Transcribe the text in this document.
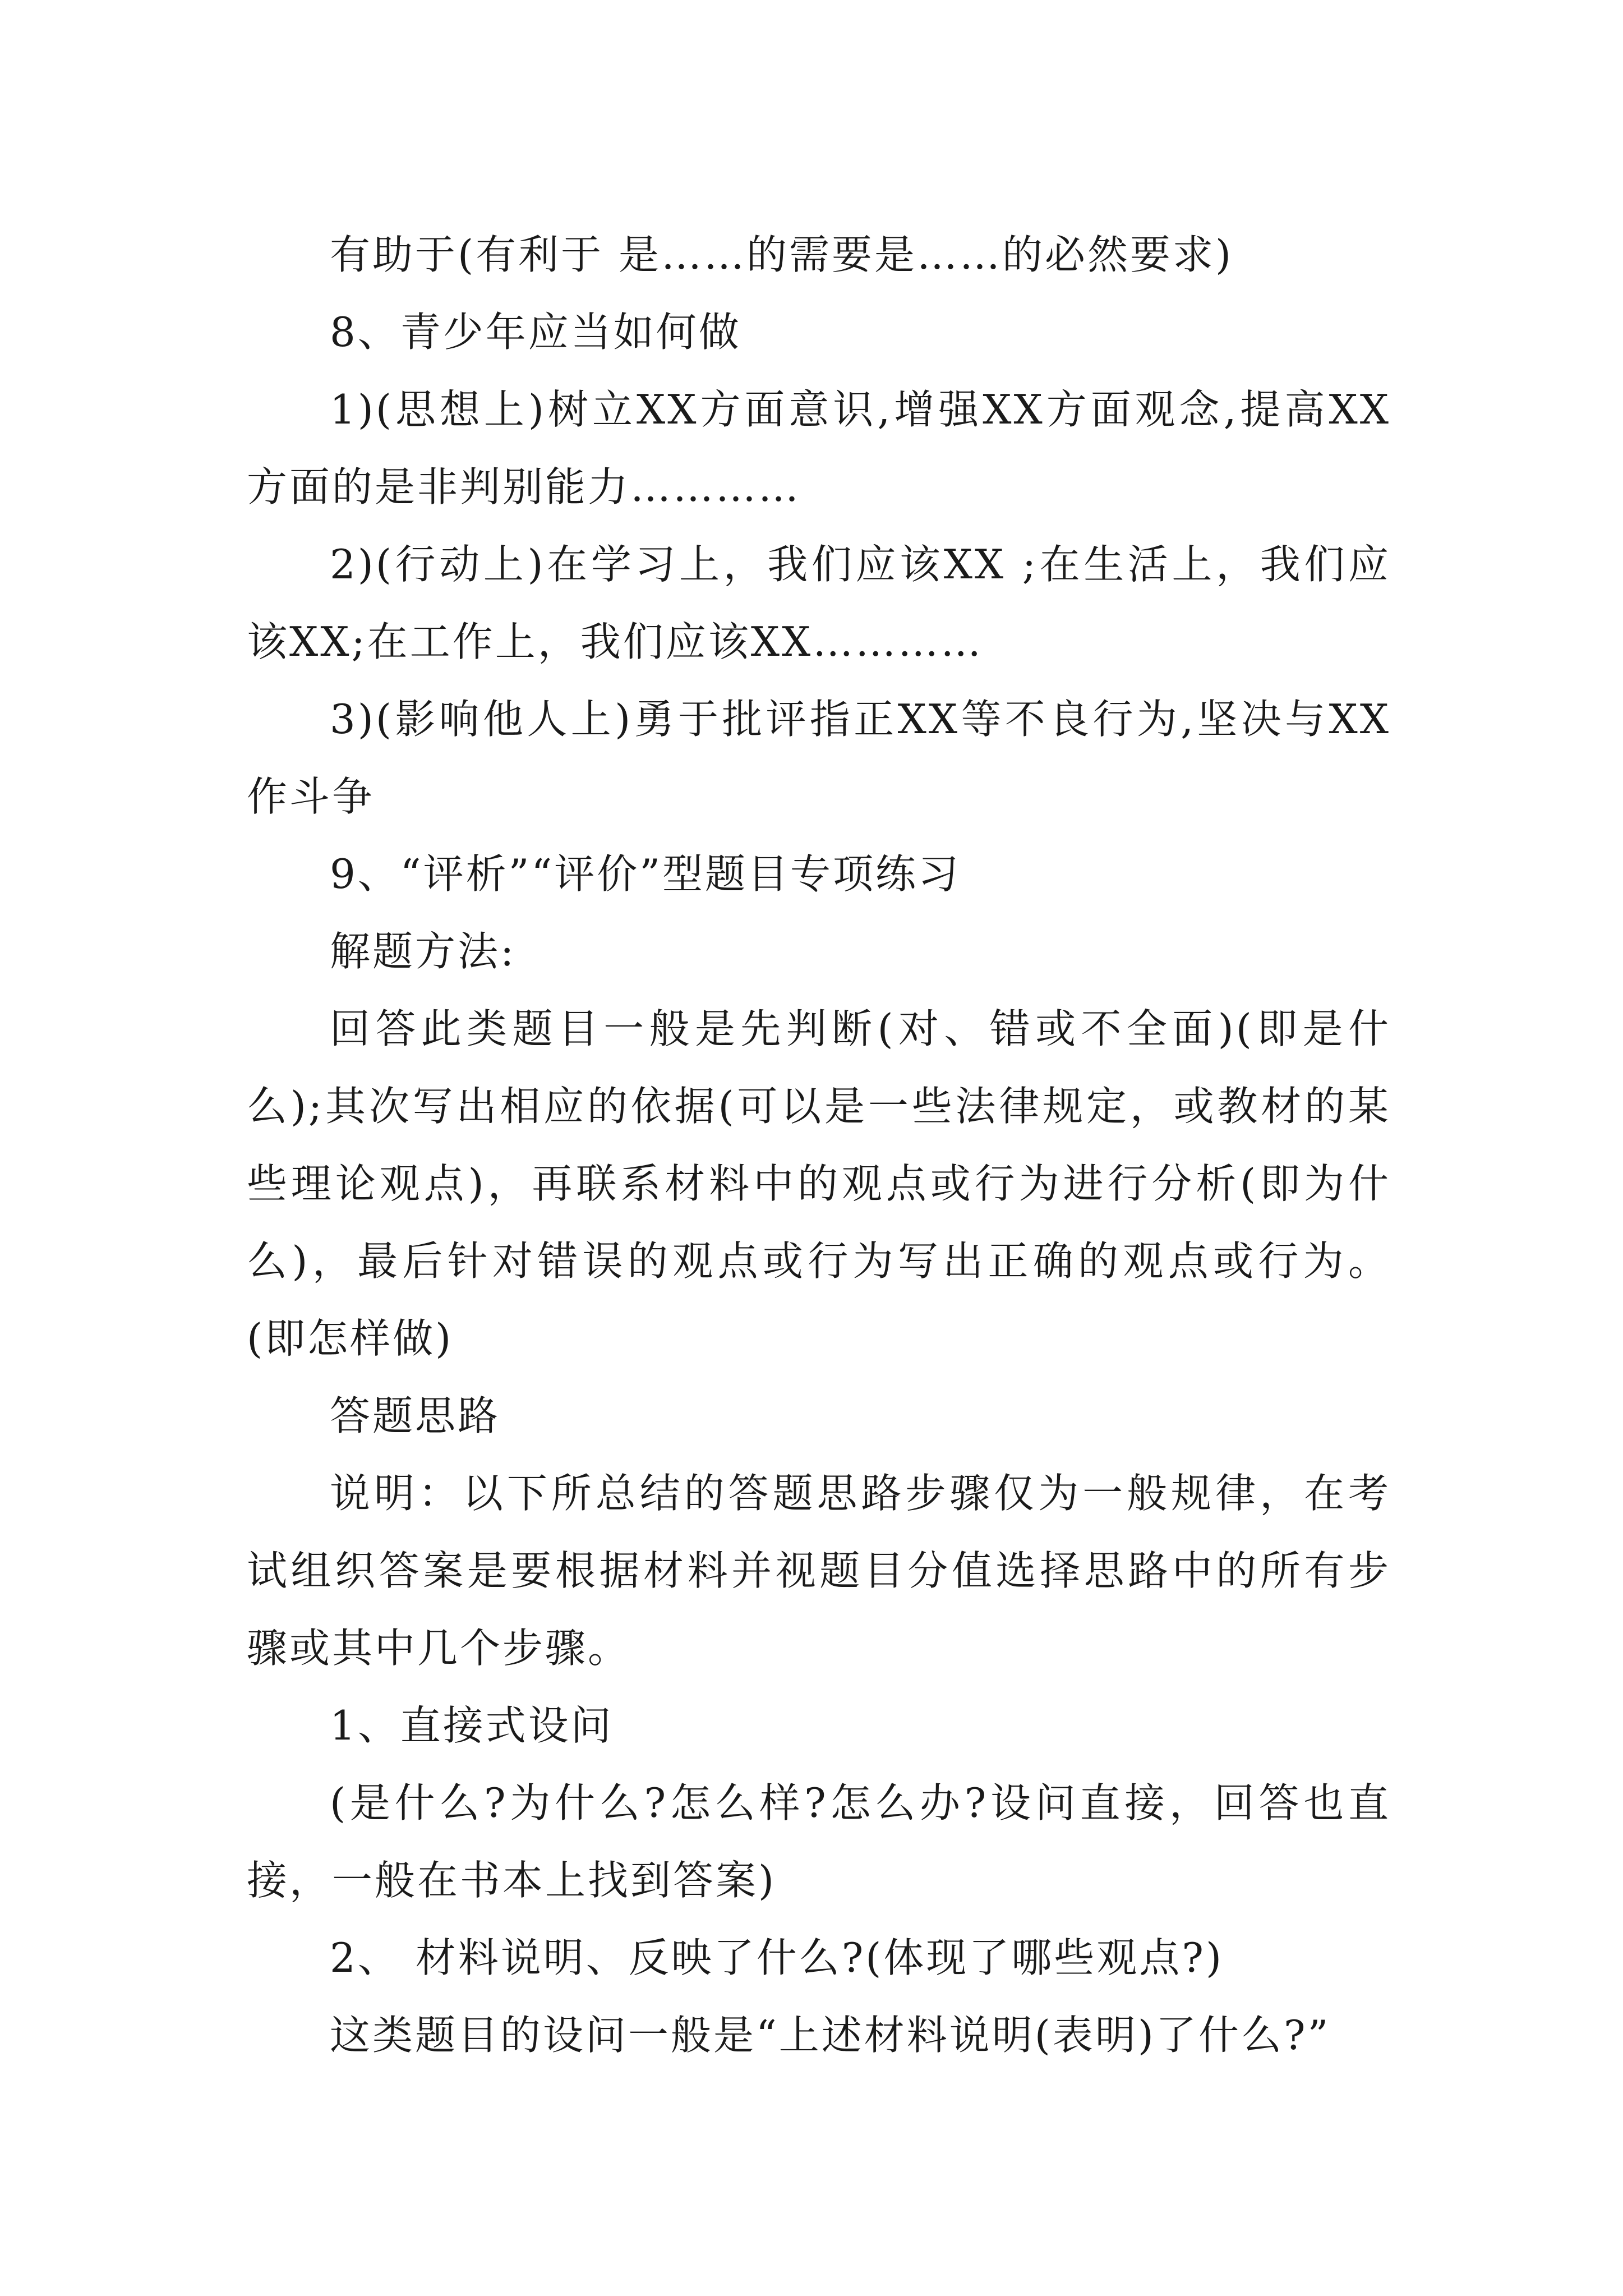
有助于(有利于 是……的需要是……的必然要求)

8、青少年应当如何做

1)(思想上)树立XX方面意识,增强XX方面观念,提高XX方面的是非判别能力…………

2)(行动上)在学习上，我们应该XX ;在生活上，我们应该XX;在工作上，我们应该XX…………

3)(影响他人上)勇于批评指正XX等不良行为,坚决与XX作斗争

9、“评析”“评价”型题目专项练习

解题方法:

回答此类题目一般是先判断(对、错或不全面)(即是什么);其次写出相应的依据(可以是一些法律规定，或教材的某些理论观点)，再联系材料中的观点或行为进行分析(即为什么)，最后针对错误的观点或行为写出正确的观点或行为。(即怎样做)

答题思路

说明：以下所总结的答题思路步骤仅为一般规律，在考试组织答案是要根据材料并视题目分值选择思路中的所有步骤或其中几个步骤。

1、直接式设问

(是什么?为什么?怎么样?怎么办?设问直接，回答也直接，一般在书本上找到答案)

2、 材料说明、反映了什么?(体现了哪些观点?)

这类题目的设问一般是“上述材料说明(表明)了什么?”
